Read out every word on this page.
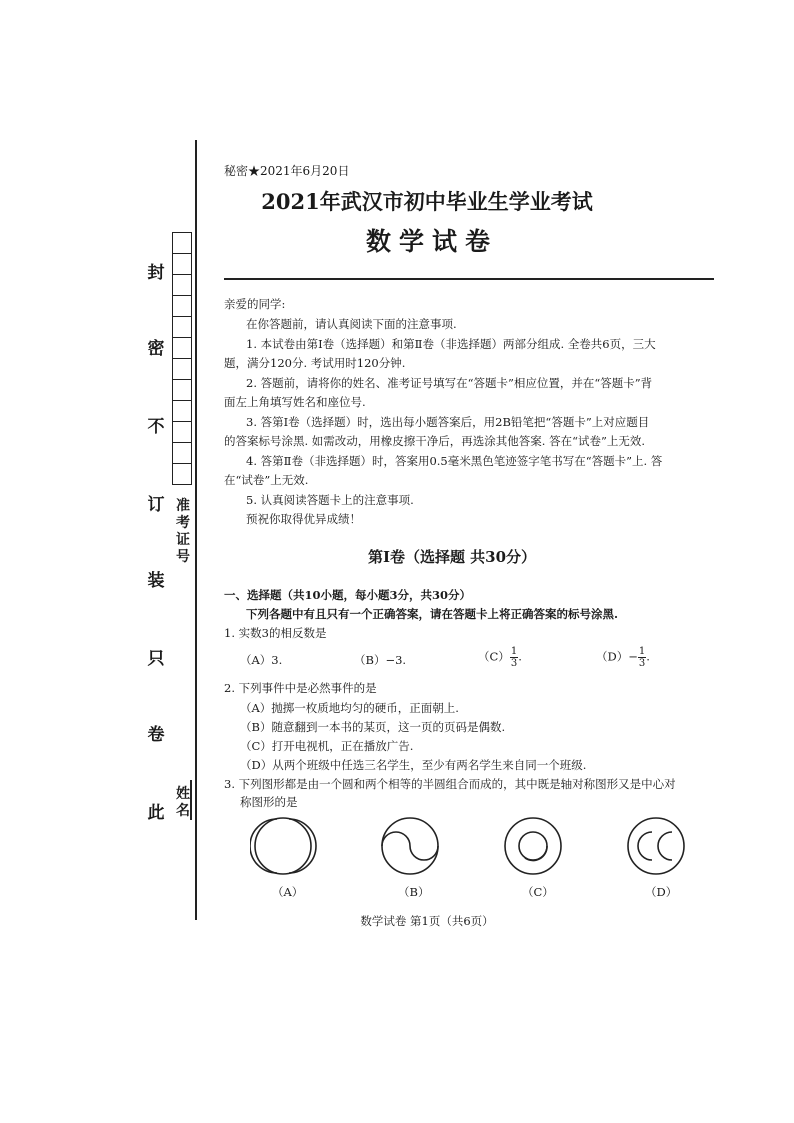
封
密
不
订
装
只
卷
此
准考证号
姓名
秘密★2021年6月20日
2021年武汉市初中毕业生学业考试
数学试卷
亲爱的同学:
在你答题前，请认真阅读下面的注意事项.
1. 本试卷由第Ⅰ卷（选择题）和第Ⅱ卷（非选择题）两部分组成. 全卷共6页，三大
题，满分120分. 考试用时120分钟.
2. 答题前，请将你的姓名、准考证号填写在“答题卡”相应位置，并在“答题卡”背
面左上角填写姓名和座位号.
3. 答第Ⅰ卷（选择题）时，选出每小题答案后，用2B铅笔把“答题卡”上对应题目
的答案标号涂黑. 如需改动，用橡皮擦干净后，再选涂其他答案. 答在“试卷”上无效.
4. 答第Ⅱ卷（非选择题）时，答案用0.5毫米黑色笔迹签字笔书写在“答题卡”上. 答
在“试卷”上无效.
5. 认真阅读答题卡上的注意事项.
预祝你取得优异成绩！
第Ⅰ卷（选择题 共30分）
一、选择题（共10小题，每小题3分，共30分）
下列各题中有且只有一个正确答案，请在答题卡上将正确答案的标号涂黑.
1. 实数3的相反数是
（A）3.	（B）−3.	$(C) \frac{1}{3}$ .	$(D)- \frac{1}{3}$ .
2. 下列事件中是必然事件的是
（A）抛掷一枚质地均匀的硬币，正面朝上.
（B）随意翻到一本书的某页，这一页的页码是偶数.
（C）打开电视机，正在播放广告.
（D）从两个班级中任选三名学生，至少有两名学生来自同一个班级.
3. 下列图形都是由一个圆和两个相等的半圆组合而成的，其中既是轴对称图形又是中心对
称图形的是
（A）	（B）	（C）	（D）
数学试卷 第1页（共6页）
